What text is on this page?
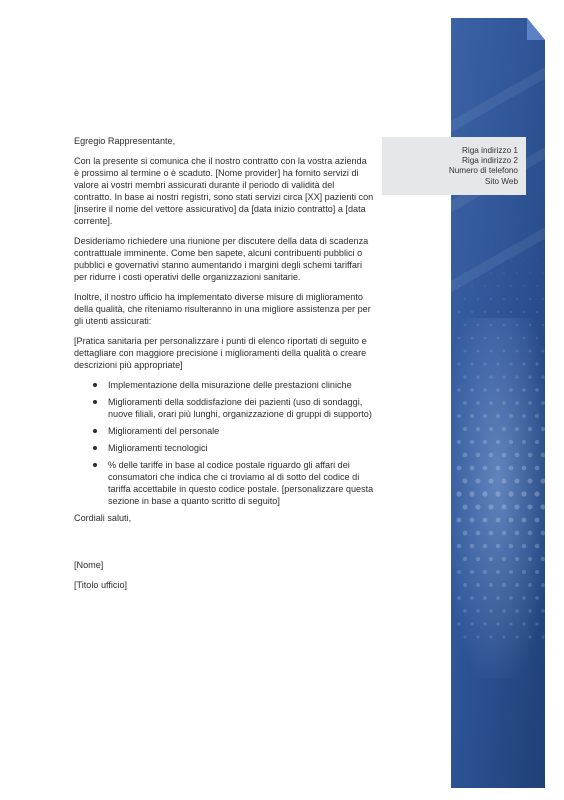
Riga indirizzo 1
Riga indirizzo 2
Numero di telefono
Sito Web

Egregio Rappresentante,

Con la presente si comunica che il nostro contratto con la vostra azienda è prossimo al termine o è scaduto. [Nome provider] ha fornito servizi di valore ai vostri membri assicurati durante il periodo di validità del contratto. In base ai nostri registri, sono stati servizi circa [XX] pazienti con [inserire il nome del vettore assicurativo] da [data inizio contratto] a [data corrente].

Desideriamo richiedere una riunione per discutere della data di scadenza contrattuale imminente. Come ben sapete, alcuni contribuenti pubblici o pubblici e governativi stanno aumentando i margini degli schemi tariffari per ridurre i costi operativi delle organizzazioni sanitarie.

Inoltre, il nostro ufficio ha implementato diverse misure di miglioramento della qualità, che riteniamo risulteranno in una migliore assistenza per per gli utenti assicurati:

[Pratica sanitaria per personalizzare i punti di elenco riportati di seguito e dettagliare con maggiore precisione i miglioramenti della qualità o creare descrizioni più appropriate]

Implementazione della misurazione delle prestazioni cliniche
Miglioramenti della soddisfazione dei pazienti (uso di sondaggi, nuove filiali, orari più lunghi, organizzazione di gruppi di supporto)
Miglioramenti del personale
Miglioramenti tecnologici
% delle tariffe in base al codice postale riguardo gli affari dei consumatori che indica che ci troviamo al di sotto del codice di tariffa accettabile in questo codice postale. [personalizzare questa sezione in base a quanto scritto di seguito]

Cordiali saluti,

[Nome]

[Titolo ufficio]
